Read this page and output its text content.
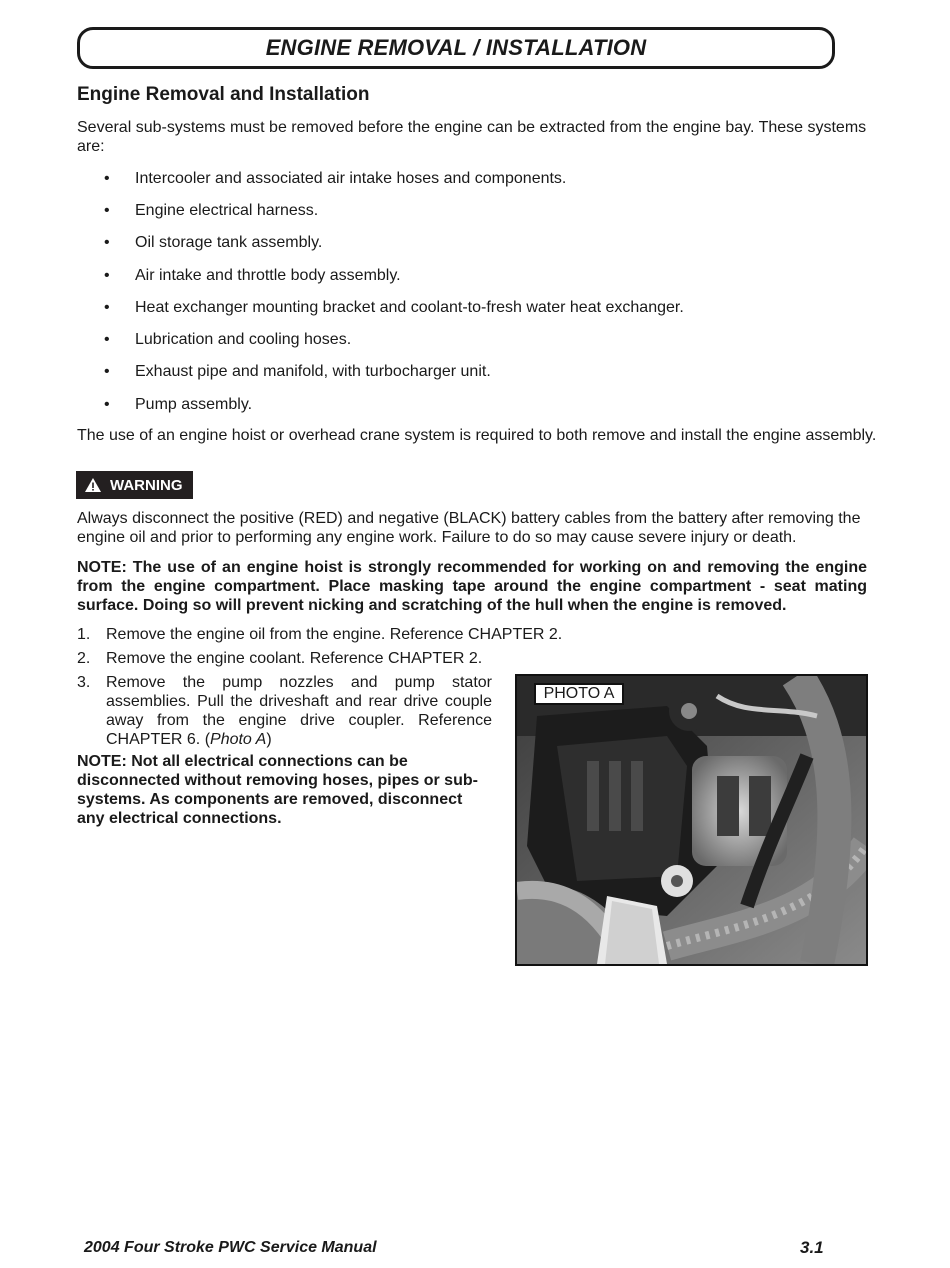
ENGINE REMOVAL / INSTALLATION
Engine Removal and Installation
Several sub-systems must be removed before the engine can be extracted from the engine bay. These systems are:
• Intercooler and associated air intake hoses and components.
• Engine electrical harness.
• Oil storage tank assembly.
• Air intake and throttle body assembly.
• Heat exchanger mounting bracket and coolant-to-fresh water heat exchanger.
• Lubrication and cooling hoses.
• Exhaust pipe and manifold, with turbocharger unit.
• Pump assembly.
The use of an engine hoist or overhead crane system is required to both remove and install the engine assembly.
WARNING
Always disconnect the positive (RED) and negative (BLACK) battery cables from the battery after removing the engine oil and prior to performing any engine work. Failure to do so may cause severe injury or death.
NOTE: The use of an engine hoist is strongly recommended for working on and removing the engine from the engine compartment. Place masking tape around the engine compartment - seat mating surface. Doing so will prevent nicking and scratching of the hull when the engine is removed.
1. Remove the engine oil from the engine. Reference CHAPTER 2.
2. Remove the engine coolant. Reference CHAPTER 2.
3. Remove the pump nozzles and pump stator assemblies. Pull the driveshaft and rear drive couple away from the engine drive coupler. Reference CHAPTER 6. (Photo A)
NOTE: Not all electrical connections can be disconnected without removing hoses, pipes or sub-systems. As components are removed, disconnect any electrical connections.
PHOTO A
2004 Four Stroke PWC Service Manual	3.1
